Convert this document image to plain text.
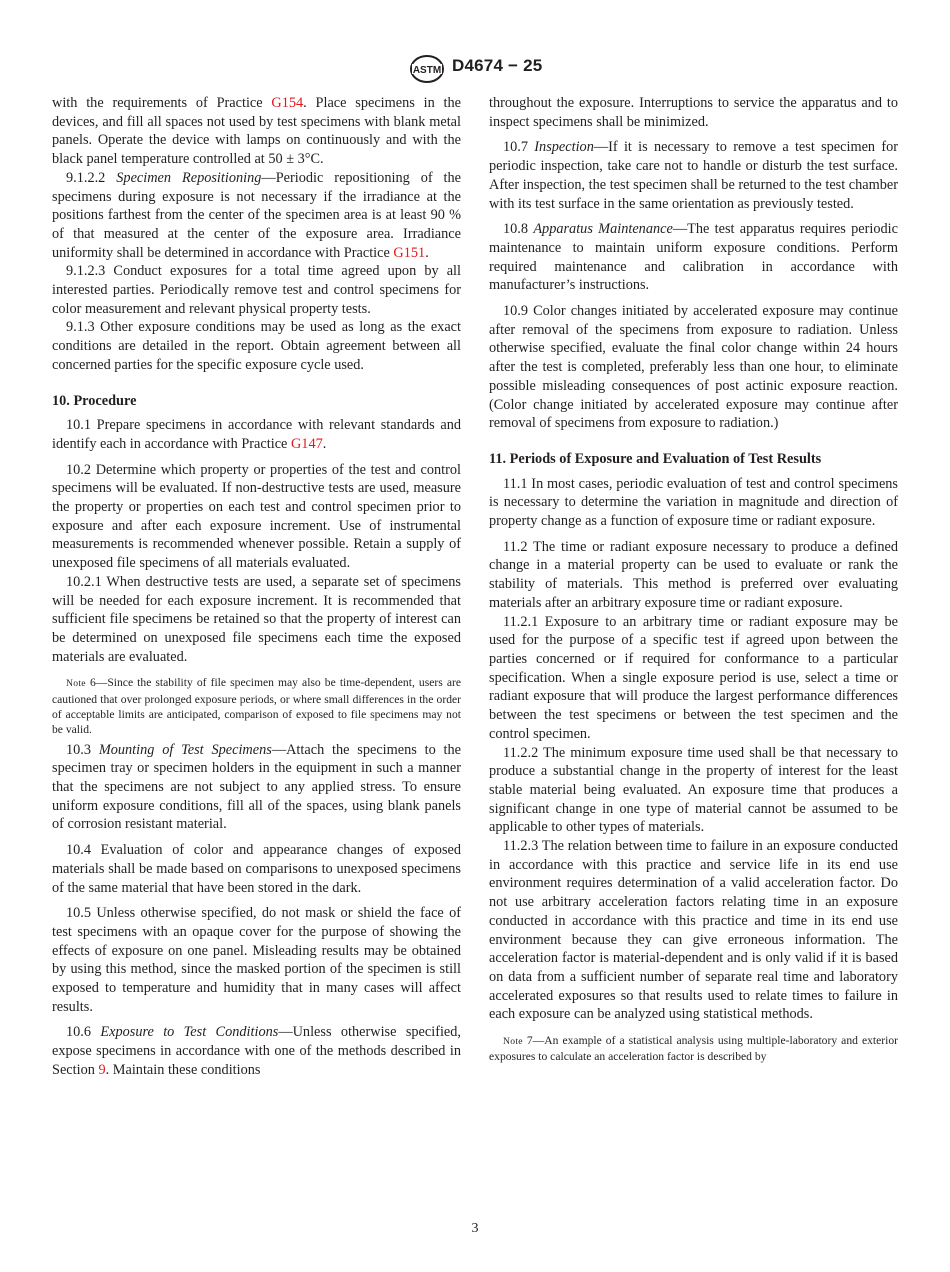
ASTM D4674 − 25

with the requirements of Practice G154. Place specimens in the devices, and fill all spaces not used by test specimens with blank metal panels. Operate the device with lamps on continuously and with the black panel temperature controlled at 50 ± 3°C.

9.1.2.2 Specimen Repositioning—Periodic repositioning of the specimens during exposure is not necessary if the irradiance at the positions farthest from the center of the specimen area is at least 90 % of that measured at the center of the exposure area. Irradiance uniformity shall be determined in accordance with Practice G151.

9.1.2.3 Conduct exposures for a total time agreed upon by all interested parties. Periodically remove test and control specimens for color measurement and relevant physical property tests.

9.1.3 Other exposure conditions may be used as long as the exact conditions are detailed in the report. Obtain agreement between all concerned parties for the specific exposure cycle used.

10. Procedure

10.1 Prepare specimens in accordance with relevant standards and identify each in accordance with Practice G147.

10.2 Determine which property or properties of the test and control specimens will be evaluated. If non-destructive tests are used, measure the property or properties on each test and control specimen prior to exposure and after each exposure increment. Use of instrumental measurements is recommended whenever possible. Retain a supply of unexposed file specimens of all materials evaluated.

10.2.1 When destructive tests are used, a separate set of specimens will be needed for each exposure increment. It is recommended that sufficient file specimens be retained so that the property of interest can be determined on unexposed file specimens each time the exposed materials are evaluated.

Note 6—Since the stability of file specimen may also be time-dependent, users are cautioned that over prolonged exposure periods, or where small differences in the order of acceptable limits are anticipated, comparison of exposed to file specimens may not be valid.

10.3 Mounting of Test Specimens—Attach the specimens to the specimen tray or specimen holders in the equipment in such a manner that the specimens are not subject to any applied stress. To ensure uniform exposure conditions, fill all of the spaces, using blank panels of corrosion resistant material.

10.4 Evaluation of color and appearance changes of exposed materials shall be made based on comparisons to unexposed specimens of the same material that have been stored in the dark.

10.5 Unless otherwise specified, do not mask or shield the face of test specimens with an opaque cover for the purpose of showing the effects of exposure on one panel. Misleading results may be obtained by using this method, since the masked portion of the specimen is still exposed to temperature and humidity that in many cases will affect results.

10.6 Exposure to Test Conditions—Unless otherwise specified, expose specimens in accordance with one of the methods described in Section 9. Maintain these conditions

throughout the exposure. Interruptions to service the apparatus and to inspect specimens shall be minimized.

10.7 Inspection—If it is necessary to remove a test specimen for periodic inspection, take care not to handle or disturb the test surface. After inspection, the test specimen shall be returned to the test chamber with its test surface in the same orientation as previously tested.

10.8 Apparatus Maintenance—The test apparatus requires periodic maintenance to maintain uniform exposure conditions. Perform required maintenance and calibration in accordance with manufacturer’s instructions.

10.9 Color changes initiated by accelerated exposure may continue after removal of the specimens from exposure to radiation. Unless otherwise specified, evaluate the final color change within 24 hours after the test is completed, preferably less than one hour, to eliminate possible misleading consequences of post actinic exposure reaction. (Color change initiated by accelerated exposure may continue after removal of specimens from exposure to radiation.)

11. Periods of Exposure and Evaluation of Test Results

11.1 In most cases, periodic evaluation of test and control specimens is necessary to determine the variation in magnitude and direction of property change as a function of exposure time or radiant exposure.

11.2 The time or radiant exposure necessary to produce a defined change in a material property can be used to evaluate or rank the stability of materials. This method is preferred over evaluating materials after an arbitrary exposure time or radiant exposure.

11.2.1 Exposure to an arbitrary time or radiant exposure may be used for the purpose of a specific test if agreed upon between the parties concerned or if required for conformance to a particular specification. When a single exposure period is use, select a time or radiant exposure that will produce the largest performance differences between the test specimens or between the test specimen and the control specimen.

11.2.2 The minimum exposure time used shall be that necessary to produce a substantial change in the property of interest for the least stable material being evaluated. An exposure time that produces a significant change in one type of material cannot be assumed to be applicable to other types of materials.

11.2.3 The relation between time to failure in an exposure conducted in accordance with this practice and service life in its end use environment requires determination of a valid acceleration factor. Do not use arbitrary acceleration factors relating time in an exposure conducted in accordance with this practice and time in its end use environment because they can give erroneous information. The acceleration factor is material-dependent and is only valid if it is based on data from a sufficient number of separate real time and laboratory accelerated exposures so that results used to relate times to failure in each exposure can be analyzed using statistical methods.

Note 7—An example of a statistical analysis using multiple-laboratory and exterior exposures to calculate an acceleration factor is described by

3
